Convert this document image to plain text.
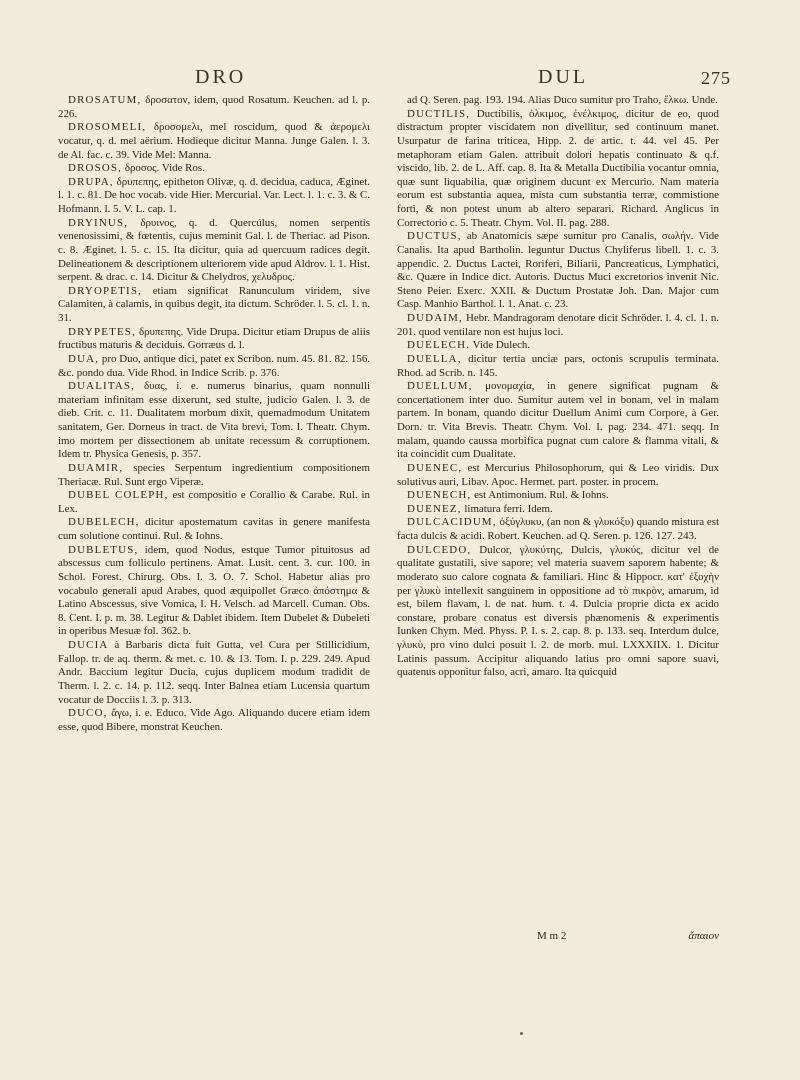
DRO	DUL	275

DROSATUM, δροσατον, idem, quod Rosatum. Keuchen. ad l. p. 226.

DROSOMELI, δροσομελι, mel roscidum, quod & ἀερομελι vocatur, q. d. mel aërium. Hodieque dicitur Manna. Junge Galen. l. 3. de Al. fac. c. 39. Vide Mel: Manna.

DROSOS, δροσος. Vide Ros.

DRUPA, δρυπεπης, epitheton Olivæ, q. d. decidua, caduca, Æginet. l. 1. c. 81. De hoc vocab. vide Hier. Mercurial. Var. Lect. l. 1. c. 3. & C. Hofmann. l. 5. V. L. cap. 1.

DRYINUS, δρυινος, q. d. Quercúlus, nomen serpentis venenosissimi, & fœtentis, cujus meminit Gal. l. de Theriac. ad Pison. c. 8. Æginet. l. 5. c. 15. Ita dicitur, quia ad quercuum radices degit. Delineationem & descriptionem ulteriorem vide apud Aldrov. l. 1. Hist. serpent. & drac. c. 14. Dicitur & Chelydros, χελυδρος.

DRYOPETIS, etiam significat Ranunculum viridem, sive Calamiten, à calamis, in quibus degit, ita dictum. Schröder. l. 5. cl. 1. n. 31.

DRYPETES, δρυπεπης. Vide Drupa. Dicitur etiam Drupus de aliis fructibus maturis & deciduis. Gorræus d. l.

DUA, pro Duo, antique dici, patet ex Scribon. num. 45. 81. 82. 156. &c. pondo dua. Vide Rhod. in Indice Scrib. p. 376.

DUALITAS, δυας, i. e. numerus binarius, quam nonnulli materiam infinitam esse dixerunt, sed stulte, judicio Galen. l. 3. de dieb. Crit. c. 11. Dualitatem morbum dixit, quemadmodum Unitatem sanitatem, Ger. Dorneus in tract. de Vita brevi, Tom. I. Theatr. Chym. imo mortem per dissectionem ab unitate recessum & corruptionem. Idem tr. Physica Genesis, p. 357.

DUAMIR, species Serpentum ingredientium compositionem Theriacæ. Rul. Sunt ergo Viperæ.

DUBEL COLEPH, est compositio e Corallio & Carabe. Rul. in Lex.

DUBELECH, dicitur apostematum cavitas in genere manifesta cum solutione continui. Rul. & Iohns.

DUBLETUS, idem, quod Nodus, estque Tumor pituitosus ad abscessus cum folliculo pertinens. Amat. Lusit. cent. 3. cur. 100. in Schol. Forest. Chirurg. Obs. l. 3. O. 7. Schol. Habetur alias pro vocabulo generali apud Arabes, quod æquipollet Græco ἀπόστημα & Latino Abscessus, sive Vomica, I. H. Velsch. ad Marcell. Cuman. Obs. 8. Cent. I. p. m. 38. Legitur & Dablet ibidem. Item Dubelet & Dubeleti in operibus Mesuæ fol. 362. b.

DUCIA à Barbaris dicta fuit Gutta, vel Cura per Stillicidium, Fallop. tr. de aq. therm. & met. c. 10. & 13. Tom. I. p. 229. 249. Apud Andr. Baccium legitur Ducia, cujus duplicem modum tradidit de Therm. l. 2. c. 14. p. 112. seqq. Inter Balnea etiam Lucensia quartum vocatur de Docciis l. 3. p. 313.

DUCO, ἄγω, i. e. Educo. Vide Ago. Aliquando ducere etiam idem esse, quod Bibere, monstrat Keuchen.

ad Q. Seren. pag. 193. 194. Alias Duco sumitur pro Traho, ἕλκω. Unde.

DUCTILIS, Ductibilis, ὀλκιμος, ἐνέλκιμος, dicitur de eo, quod distractum propter viscidatem non divellitur, sed continuum manet. Usurpatur de farina triticea, Hipp. 2. de artic. t. 44. vel 45. Per metaphoram etiam Galen. attribuit dolori hepatis continuato & q.f. viscido, lib. 2. de L. Aff. cap. 8. Ita & Metalla Ductibilia vocantur omnia, quæ sunt liquabilia, quæ originem ducunt ex Mercurio. Nam materia eorum est substantia aquea, mista cum substantia terræ, commistione forti, & non potest unum ab altero separari. Richard. Anglicus in Correctorio c. 5. Theatr. Chym. Vol. II. pag. 288.

DUCTUS, ab Anatomicis sæpe sumitur pro Canalis, σωλήν. Vide Canalis. Ita apud Bartholin. leguntur Ductus Chyliferus libell. 1. c. 3. appendic. 2. Ductus Lactei, Roriferi, Biliarii, Pancreaticus, Lymphatici, &c. Quære in Indice dict. Autoris. Ductus Muci excretorios invenit Nic. Steno Peier. Exerc. XXII. & Ductum Prostatæ Joh. Dan. Major cum Casp. Manhio Barthol. l. 1. Anat. c. 23.

DUDAIM, Hebr. Mandragoram denotare dicit Schröder. l. 4. cl. 1. n. 201. quod ventilare non est hujus loci.

DUELECH. Vide Dulech.

DUELLA, dicitur tertia unciæ pars, octonis scrupulis terminata. Rhod. ad Scrib. n. 145.

DUELLUM, μονομαχία, in genere significat pugnam & concertationem inter duo. Sumitur autem vel in bonam, vel in malam partem. In bonam, quando dicitur Duellum Animi cum Corpore, à Ger. Dorn. tr. Vita Brevis. Theatr. Chym. Vol. I. pag. 234. 471. seqq. In malam, quando caussa morbifica pugnat cum calore & flamma vitali, & ita coincidit cum Dualitate.

DUENEC, est Mercurius Philosophorum, qui & Leo viridis. Dux solutivus auri, Libav. Apoc. Hermet. part. poster. in procem.

DUENECH, est Antimonium. Rul. & Iohns.

DUENEZ, limatura ferri. Idem.

DULCACIDUM, ὀξύγλυκυ, (an non & γλυκόξυ) quando mistura est facta dulcis & acidi. Robert. Keuchen. ad Q. Seren. p. 126. 127. 243.

DULCEDO, Dulcor, γλυκύτης, Dulcis, γλυκύς, dicitur vel de qualitate gustatili, sive sapore; vel materia suavem saporem habente; & moderato suo calore cognata & familiari. Hinc & Hippocr. κατ' ἐξοχὴν per γλυκὺ intellexit sanguinem in oppositione ad τὸ πικρὸν, amarum, id est, bilem flavam, l. de nat. hum. t. 4. Dulcia proprie dicta ex acido constare, probare conatus est diversis phænomenis & experimentis Iunken Chym. Med. Physs. P. I. s. 2. cap. 8. p. 133. seq. Interdum dulce, γλυκὺ, pro vino dulci posuit l. 2. de morb. mul. LXXXIIX. 1. Dicitur Latinis passum. Accipitur aliquando latius pro omni sapore suavi, quatenus opponitur falso, acri, amaro. Ita quicquid

M m 2	ἅπαιον
